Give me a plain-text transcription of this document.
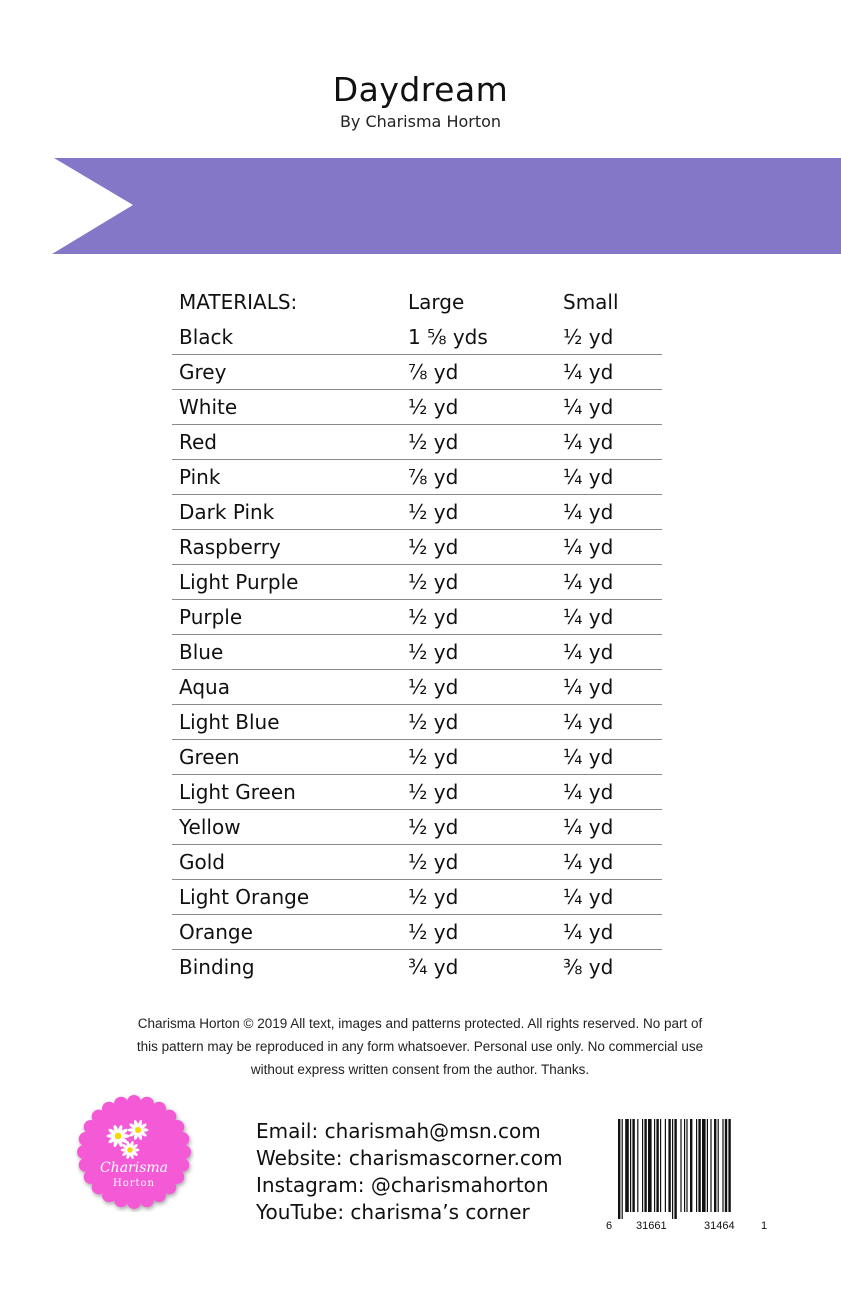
Daydream
By Charisma Horton
MATERIALS:	Large	Small
Black	1 ⅝ yds	½ yd
Grey	⅞ yd	¼ yd
White	½ yd	¼ yd
Red	½ yd	¼ yd
Pink	⅞ yd	¼ yd
Dark Pink	½ yd	¼ yd
Raspberry	½ yd	¼ yd
Light Purple	½ yd	¼ yd
Purple	½ yd	¼ yd
Blue	½ yd	¼ yd
Aqua	½ yd	¼ yd
Light Blue	½ yd	¼ yd
Green	½ yd	¼ yd
Light Green	½ yd	¼ yd
Yellow	½ yd	¼ yd
Gold	½ yd	¼ yd
Light Orange	½ yd	¼ yd
Orange	½ yd	¼ yd
Binding	¾ yd	⅜ yd
Charisma Horton © 2019 All text, images and patterns protected. All rights reserved. No part of
this pattern may be reproduced in any form whatsoever. Personal use only. No commercial use
without express written consent from the author. Thanks.
Charisma
Horton
Email: charismah@msn.com
Website: charismascorner.com
Instagram: @charismahorton
YouTube: charisma’s corner
6 31661	31464 1
